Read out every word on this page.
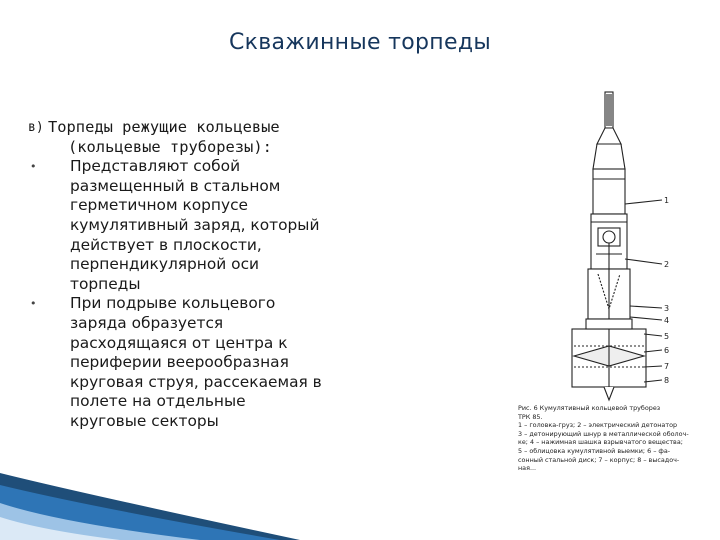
Скважинные торпеды
в) Торпеды режущие кольцевые
(кольцевые труборезы):
• Представляют собой
размещенный в стальном
герметичном корпусе
кумулятивный заряд, который
действует в плоскости,
перпендикулярной оси
торпеды
• При подрыве кольцевого
заряда образуется
расходящаяся от центра к
периферии веерообразная
круговая струя, рассекаемая в
полете на отдельные
круговые секторы
1
2
3
4
5
6
7
8
Рис. 6 Кумулятивный кольцевой труборез
ТРК 85.
1 – головка-груз; 2 – электрический детонатор
3 – детонирующий шнур в металлической оболоч-
ке; 4 – нажимная шашка взрывчатого вещества;
5 – облицовка кумулятивной выемки; 6 – фа-
сонный стальной диск; 7 – корпус; 8 – высадоч-
ная...
